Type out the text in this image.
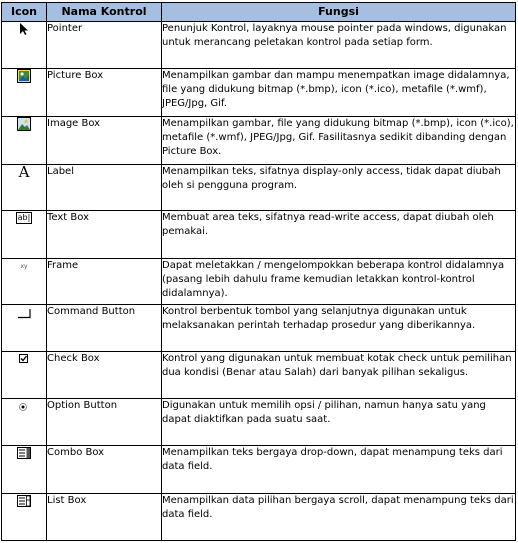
Icon	Nama Kontrol	Fungsi

	Pointer	Penunjuk Kontrol, layaknya mouse pointer pada windows, digunakan untuk merancang peletakan kontrol pada setiap form.

	Picture Box	Menampilkan gambar dan mampu menempatkan image didalamnya, file yang didukung bitmap (*.bmp), icon (*.ico), metafile (*.wmf), JPEG/Jpg, Gif.

	Image Box	Menampilkan gambar, file yang didukung bitmap (*.bmp), icon (*.ico), metafile (*.wmf), JPEG/Jpg, Gif. Fasilitasnya sedikit dibanding dengan Picture Box.
A	Label	Menampilkan teks, sifatnya display-only access, tidak dapat diubah oleh si pengguna program.
ab|	Text Box	Membuat area teks, sifatnya read-write access, dapat diubah oleh pemakai.
xy	Frame	Dapat meletakkan / mengelompokkan beberapa kontrol didalamnya (pasang lebih dahulu frame kemudian letakkan kontrol-kontrol didalamnya).

	Command Button	Kontrol berbentuk tombol yang selanjutnya digunakan untuk melaksanakan perintah terhadap prosedur yang diberikannya.

	Check Box	Kontrol yang digunakan untuk membuat kotak check untuk pemilihan dua kondisi (Benar atau Salah) dari banyak pilihan sekaligus.

	Option Button	Digunakan untuk memilih opsi / pilihan, namun hanya satu yang dapat diaktifkan pada suatu saat.

	Combo Box	Menampilkan teks bergaya drop-down, dapat menampung teks dari data field.

	List Box	Menampilkan data pilihan bergaya scroll, dapat menampung teks dari data field.
